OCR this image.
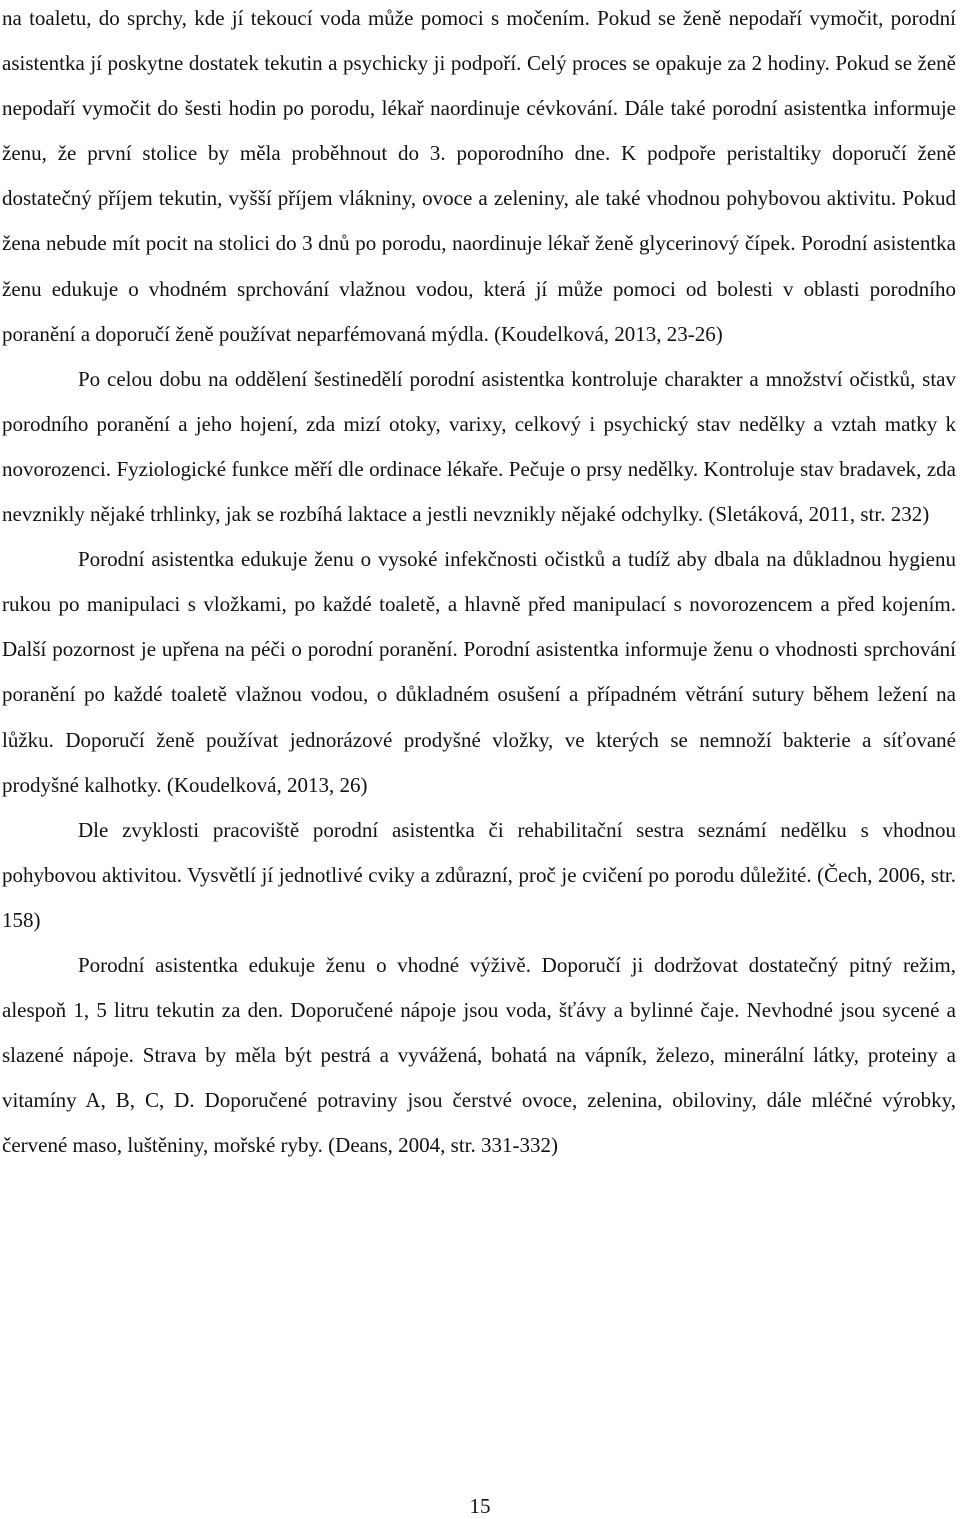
na toaletu, do sprchy, kde jí tekoucí voda může pomoci s močením. Pokud se ženě nepodaří vymočit, porodní asistentka jí poskytne dostatek tekutin a psychicky ji podpoří. Celý proces se opakuje za 2 hodiny. Pokud se ženě nepodaří vymočit do šesti hodin po porodu, lékař naordinuje cévkování. Dále také porodní asistentka informuje ženu, že první stolice by měla proběhnout do 3. poporodního dne. K podpoře peristaltiky doporučí ženě dostatečný příjem tekutin, vyšší příjem vlákniny, ovoce a zeleniny, ale také vhodnou pohybovou aktivitu. Pokud žena nebude mít pocit na stolici do 3 dnů po porodu, naordinuje lékař ženě glycerinový čípek. Porodní asistentka ženu edukuje o vhodném sprchování vlažnou vodou, která jí může pomoci od bolesti v oblasti porodního poranění a doporučí ženě používat neparfémovaná mýdla. (Koudelková, 2013, 23-26)

Po celou dobu na oddělení šestinedělí porodní asistentka kontroluje charakter a množství očistků, stav porodního poranění a jeho hojení, zda mizí otoky, varixy, celkový i psychický stav nedělky a vztah matky k novorozenci. Fyziologické funkce měří dle ordinace lékaře. Pečuje o prsy nedělky. Kontroluje stav bradavek, zda nevznikly nějaké trhlinky, jak se rozbíhá laktace a jestli nevznikly nějaké odchylky. (Sletáková, 2011, str. 232)

Porodní asistentka edukuje ženu o vysoké infekčnosti očistků a tudíž aby dbala na důkladnou hygienu rukou po manipulaci s vložkami, po každé toaletě, a hlavně před manipulací s novorozencem a před kojením. Další pozornost je upřena na péči o porodní poranění. Porodní asistentka informuje ženu o vhodnosti sprchování poranění po každé toaletě vlažnou vodou, o důkladném osušení a případném větrání sutury během ležení na lůžku. Doporučí ženě používat jednorázové prodyšné vložky, ve kterých se nemnoží bakterie a síťované prodyšné kalhotky. (Koudelková, 2013, 26)

Dle zvyklosti pracoviště porodní asistentka či rehabilitační sestra seznámí nedělku s vhodnou pohybovou aktivitou. Vysvětlí jí jednotlivé cviky a zdůrazní, proč je cvičení po porodu důležité. (Čech, 2006, str. 158)

Porodní asistentka edukuje ženu o vhodné výživě. Doporučí ji dodržovat dostatečný pitný režim, alespoň 1, 5 litru tekutin za den. Doporučené nápoje jsou voda, šťávy a bylinné čaje. Nevhodné jsou sycené a slazené nápoje. Strava by měla být pestrá a vyvážená, bohatá na vápník, železo, minerální látky, proteiny a vitamíny A, B, C, D. Doporučené potraviny jsou čerstvé ovoce, zelenina, obiloviny, dále mléčné výrobky, červené maso, luštěniny, mořské ryby. (Deans, 2004, str. 331-332)

15
